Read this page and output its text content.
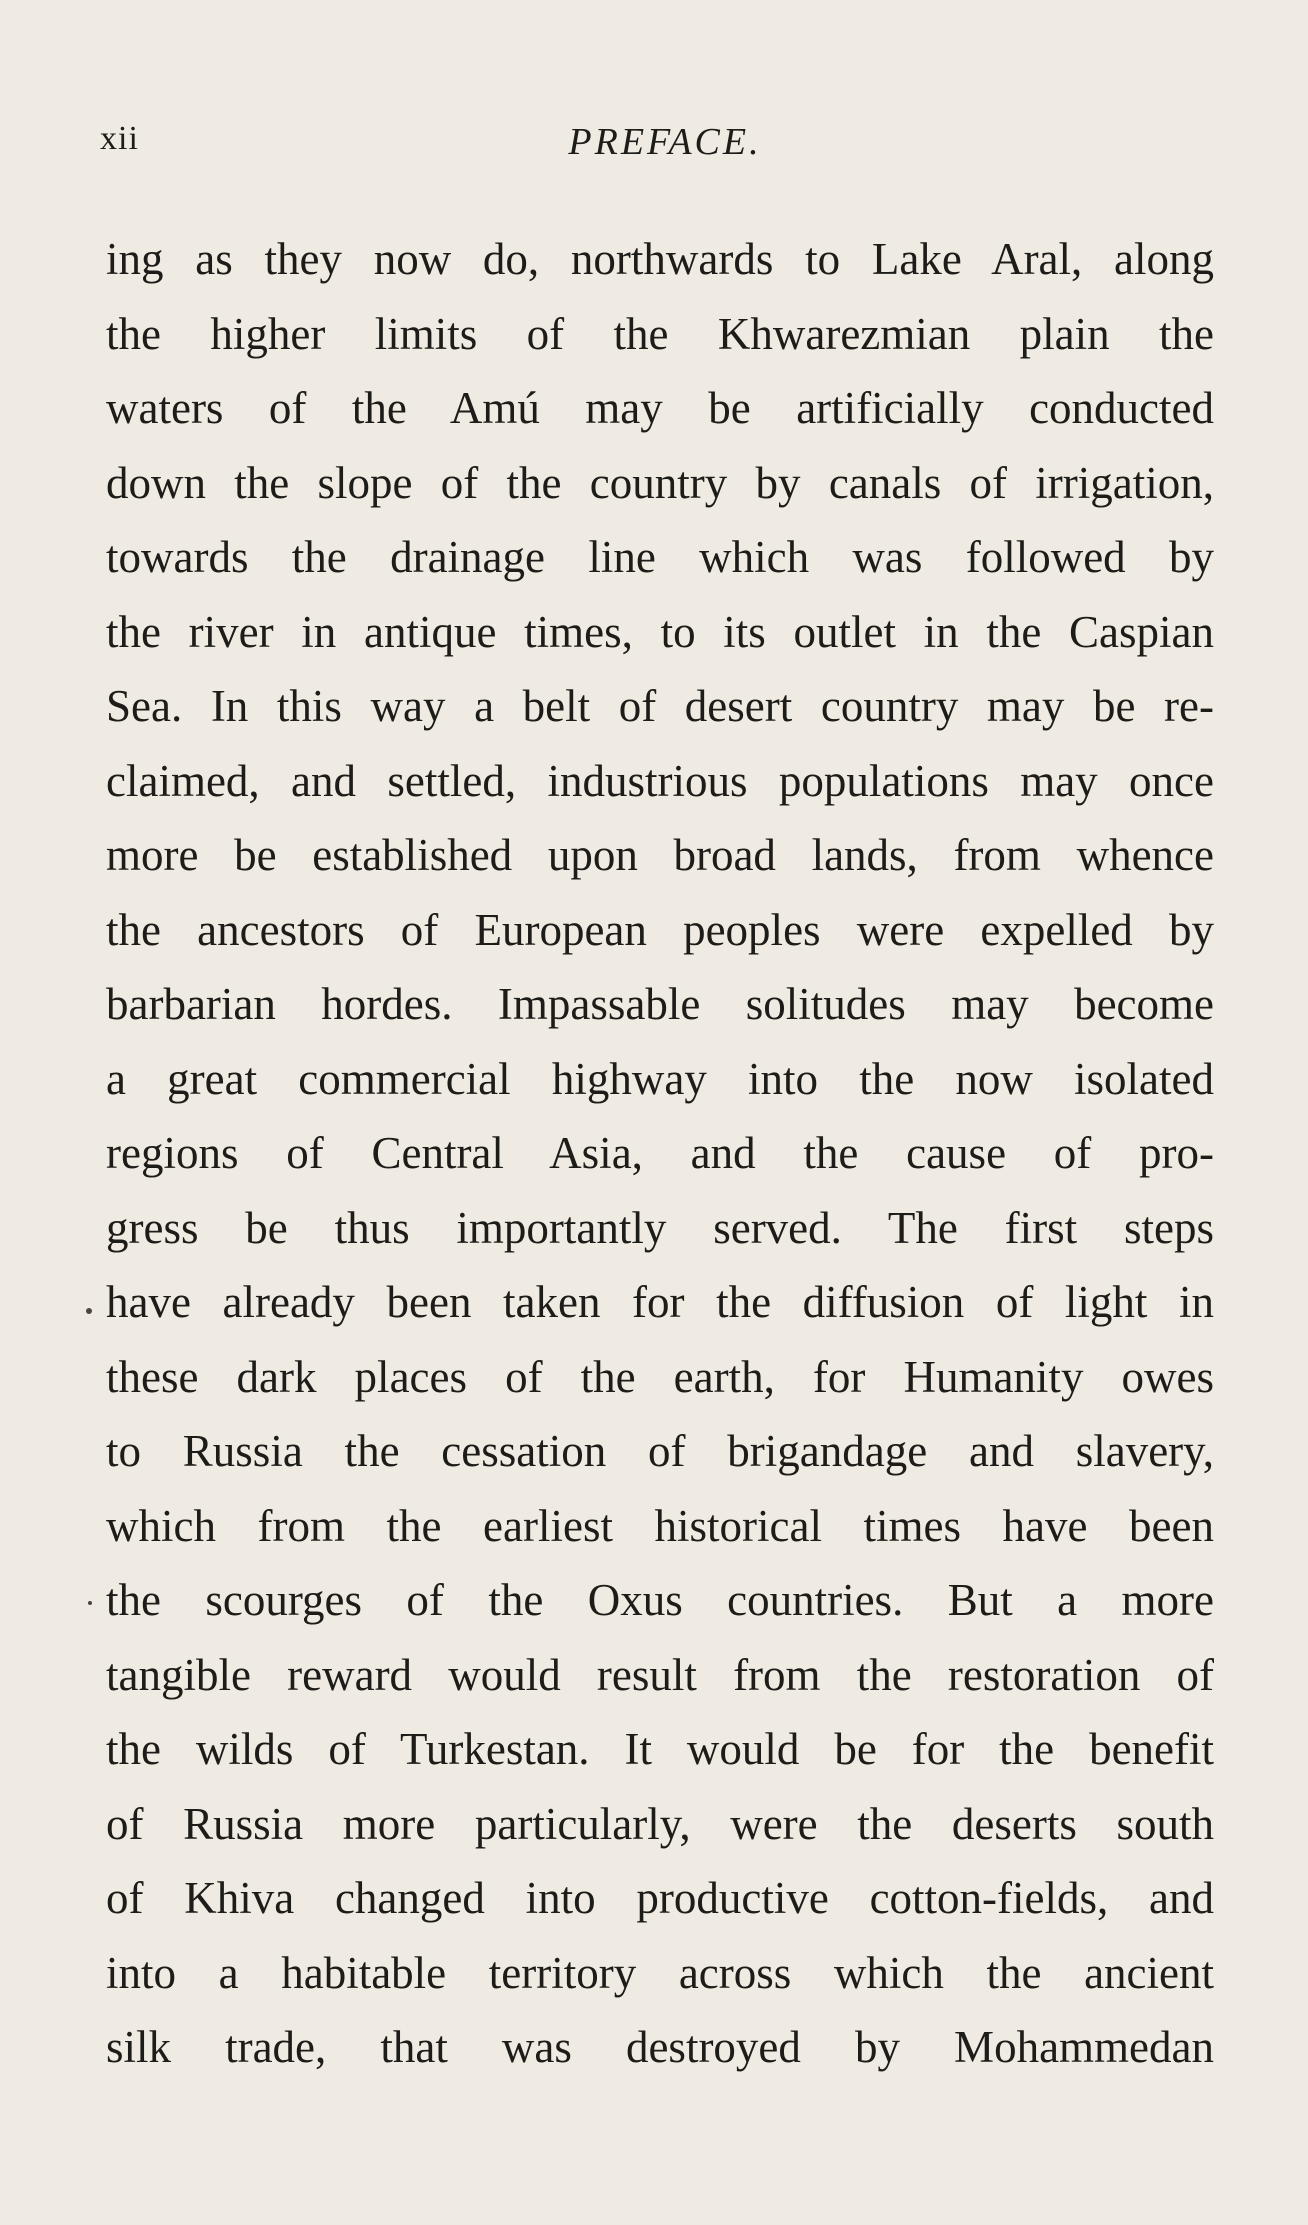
xii	PREFACE.
ing as they now do, northwards to Lake Aral, along
the higher limits of the Khwarezmian plain the
waters of the Amú may be artificially conducted
down the slope of the country by canals of irrigation,
towards the drainage line which was followed by
the river in antique times, to its outlet in the Caspian
Sea. In this way a belt of desert country may be re-
claimed, and settled, industrious populations may once
more be established upon broad lands, from whence
the ancestors of European peoples were expelled by
barbarian hordes. Impassable solitudes may become
a great commercial highway into the now isolated
regions of Central Asia, and the cause of pro-
gress be thus importantly served. The first steps
have already been taken for the diffusion of light in
these dark places of the earth, for Humanity owes
to Russia the cessation of brigandage and slavery,
which from the earliest historical times have been
the scourges of the Oxus countries. But a more
tangible reward would result from the restoration of
the wilds of Turkestan. It would be for the benefit
of Russia more particularly, were the deserts south
of Khiva changed into productive cotton-fields, and
into a habitable territory across which the ancient
silk trade, that was destroyed by Mohammedan
